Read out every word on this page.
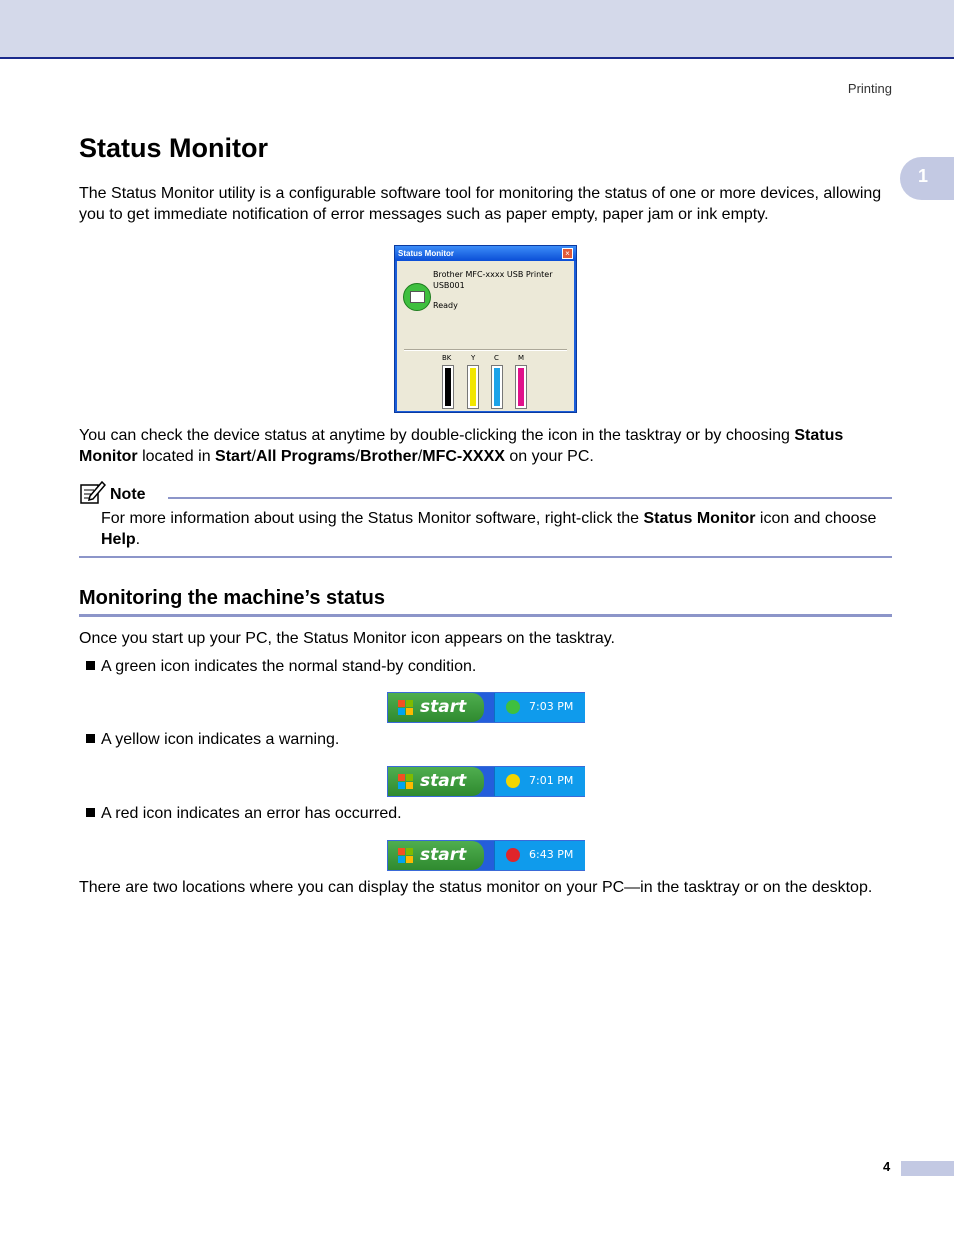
Printing
1
Status Monitor

The Status Monitor utility is a configurable software tool for monitoring the status of one or more devices, allowing you to get immediate notification of error messages such as paper empty, paper jam or ink empty.

Status Monitor	×
Brother MFC-xxxx USB Printer
USB001
Ready
BK	Y	C	M

You can check the device status at anytime by double-clicking the icon in the tasktray or by choosing Status Monitor located in Start/All Programs/Brother/MFC-XXXX on your PC.

Note

For more information about using the Status Monitor software, right-click the Status Monitor icon and choose Help.

Monitoring the machine’s status

Once you start up your PC, the Status Monitor icon appears on the tasktray.

A green icon indicates the normal stand-by condition.
start	7:03 PM
A yellow icon indicates a warning.
start	7:01 PM
A red icon indicates an error has occurred.
start	6:43 PM

There are two locations where you can display the status monitor on your PC—in the tasktray or on the desktop.

4
